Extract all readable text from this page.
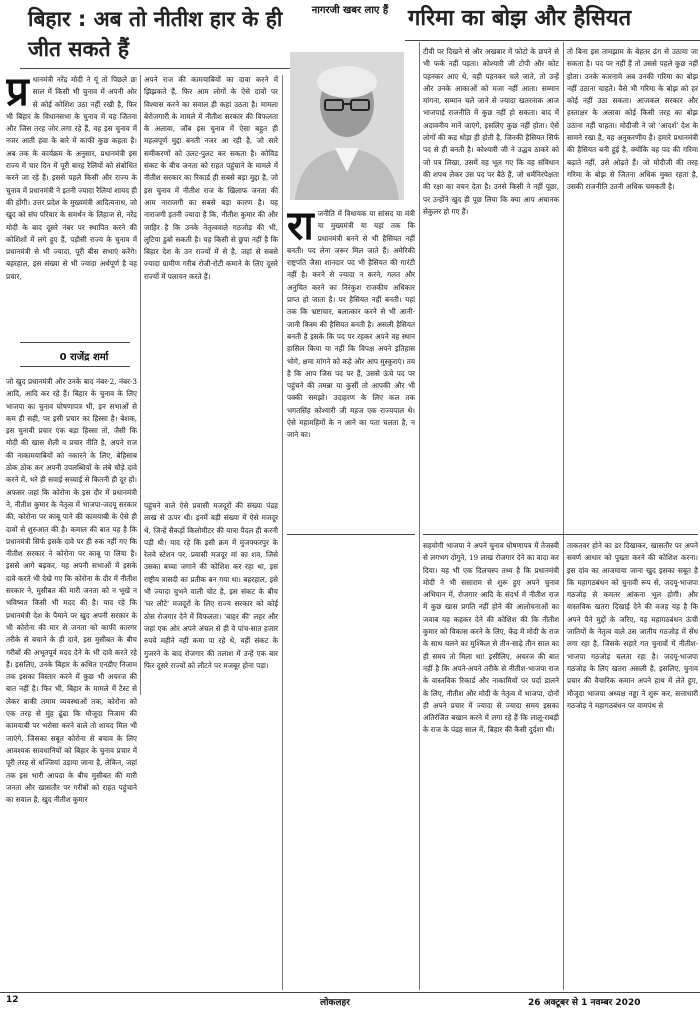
बिहार : अब तो नीतीश हार के ही जीत सकते हैं
नागरजी खबर लाए हैं गरिमा का बोझ और हैसियत
प्र धानमंत्री नरेंद्र मोदी ने यूं तो पिछले छः साल में किसी भी चुनाव में अपनी ओर से कोई कोशिश उठा नहीं रखी है, फिर भी बिहार के विधानसभा के चुनाव में यह जितना और जिस तरह जोर लगा रहे हैं, वह इस चुनाव में नजर आती हवा के बारे में काफी कुछ कहता है। अब तक के कार्यक्रम के अनुसार, प्रधानमंत्री इस राज्य में चार दिन में पूरी बारह रैलियों को संबोधित करने जा रहे हैं। इससे पहले किसी और राज्य के चुनाव में प्रधानमंत्री ने इतनी ज्यादा रैलियां शायद ही की होंगी। उत्तर प्रदेश के मुख्यमंत्री आदित्यनाथ, जो खुद को संघ परिवार के समर्थन के लिहाज से, नरेंद्र मोदी के बाद दूसरे नंबर पर स्थापित करने की कोशिशों में लगे हुए हैं, पड़ौसी राज्य के चुनाव में प्रधानमंत्री से भी ज्यादा, पूरी बीस सभाएं करेंगे। बहरहाल, इस संख्या से भी ज्यादा अर्थपूर्ण है वह प्रचार,
0 राजेंद्र शर्मा
जो खुद प्रधानमंत्री और उनके बाद नंबर-2, नंबर-3 आदि, आदि कर रहे हैं। बिहार के चुनाव के लिए भाजपा का चुनाव घोषणापत्र भी, इन सभाओं से कम ही सही, पर इसी प्रचार का हिस्सा है। बेशक, इस चुनावी प्रचार एक बड़ा हिस्सा तो, जैसी कि मोदी की खास शैली व प्रचार नीति है, अपने राज की नाकामयाबियों को नकारने के लिए, बेहिसाब ठोक ठोक कर अपनी उपलब्धियों के लंबे चौड़े दावे करने में, भरे ही सवाई सच्चाई से कितनी ही दूर हों। अफसर जहां कि कोरोना के इस दौर में प्रधानमंत्री ने, नीतीश कुमार के नेतृत्व में भाजपा-जदयू सरकार की, कोरोना पर काबू पाने की कामयाबी के ऐसे ही दावों से शुरुआत की है। कमाल की बात यह है कि प्रधानमंत्री सिर्फ इसके दावे पर ही रुक नहीं गए कि नीतीश सरकार ने कोरोना पर काबू पा लिया है। इससे आगे बढ़कर, यह अपनी सभाओं में इसके दावे करते भी देखे गए कि कोरोना के दौर में नीतीश सरकार ने, मुसीबत की मारी जनता को न भूखे न भविष्यत किसी भी मदद की है। याद रहे कि प्रधानमंत्री देश के पैमाने पर खुद अपनी सरकार के भी कोरोना की मार से जनता को काफी कारगर तरीके से बचाने के ही दावे, इस मुसीबत के बीच गरीबों की अभूतपूर्व मदद देने के भी दावे करते रहे हैं। इसलिए, उनके बिहार के कथित एनडीए निजाम तक इसका विस्तार करने में कुछ भी अचरज की बात नहीं है। फिर भी, बिहार के मामले में टैस्ट से लेकर बाकी तमाम व्यवस्थाओं तक, कोरोना को एक तरह से मुंह ढूंढा कि मौजूदा निजाम की कामयाबी पर भरोसा करने वाले तो शायद मिल भी जाएंगे, जिसका सबूत कोरोना से बचाव के लिए आवश्यक सावधानियों को बिहार के चुनाव प्रचार में पूरी तरह से धज्जियां उड़ाया जाना है, लेकिन, जहां तक इस भारी आपदा के बीच मुसीबत की मारी जनता और खासतौर पर गरीबों को राहत पहुंचाने का सवाल है, खुद नीतीश कुमार
अपने राज की कामयाबियों का दावा करने में झिझकते हैं, फिर आम लोगों के ऐसे दावों पर विश्वास करने का सवाल ही कहां उठता है। मामला बेरोजगारी के मामले में नीतीश सरकार की विफलता के अलावा, जॉब इस चुनाव में ऐसा बहुत ही महत्वपूर्ण मुद्दा बनती नजर आ रही है, जो सारे समीकरणों को उलट-पुलट कर सकता है। कोविड संकट के बीच जनता को राहत पहुंचाने के मामले में नीतीश सरकार का रिकार्ड ही सबसे बड़ा मुद्दा है, जो इस चुनाव में नीतीश राज के खिलाफ जनता की आम नाराजगी का सबसे बड़ा कारण है। यह नाराजगी इतनी ज्यादा है कि, नीतीश कुमार की और जाहिर है कि उनके नेतृत्ववाले गठजोड़ की भी, लुटिया डुबो सकती है। यह किसी से छुपा नहीं है कि बिहार देश के उन राज्यों में से है, जहां से सबसे ज्यादा ग्रामीण गरीब रोजी-रोटी कमाने के लिए दूसरे राज्यों में पलायन करते हैं।
पहुंचने वाले ऐसे प्रवासी मजदूरों की संख्या पंद्रह लाख से ऊपर थी। इनमें बड़ी संख्या में ऐसे मजदूर थे, जिन्हें सैकड़ों किलोमीटर की यात्रा पैदल ही करनी पड़ी थी। याद रहे कि इसी क्रम में मुजफ्फरपुर के रेलवे स्टेशन पर, प्रवासी मजदूर मां का शव, जिसे उसका बच्चा जगाने की कोशिश कर रहा था, इस राष्ट्रीय त्रासदी का प्रतीक बन गया था। बहरहाल, इसे भी ज्यादा चुभने वाली चोट है, इस संकट के बीच 'घर लौटे' मजदूरों के लिए राज्य सरकार को कोई ठोस रोजगार देने में विफलता। 'बाहर की' लहर और जहां एक ओर अपने अंचल से ही वे पांच-सात हजार रुपये महीने नहीं कमा पा रहे थे, वहीं संकट के गुजरने के बाद रोजगार की तलाश में उन्हें एक बार फिर दूसरे राज्यों को लौटने पर मजबूर होना पड़ा।
रा जनीति में विधायक या सांसद या मंत्री या मुख्यमंत्री या यहां तक कि प्रधानमंत्री बनने से भी हैसियत नहीं बनती। पद लेना जरूर मिल जाते हैं। अमेरिकी राष्ट्रपति जैसा शानदार पद भी हैसियत की गारंटी नहीं है। करने से ज्यादा न करने, गलत और अनुचित करने का निरंकुश राजकीय अधिकार प्राप्त हो जाता है। पर हैसियत नहीं बनती। यहां तक कि भ्रष्टाचार, बलात्कार करने से भी आनी-जानी किस्म की हैसियत बनती है। असली हैसियत बनती है इसके कि पद पर रहकर अपने वह स्थान हासिल किया या नहीं कि विपक्ष अपने इतिहास भोगे, क्षमा मांगने को कहे और आप मुस्कुराएं। तय है कि आप जिस पद पर हैं, उससे ऊंचे पद पर पहुंचने की तमन्ना या कुर्सी तो आपकी और भी पक्की समझो। उदाहरण के लिए कल तक भगतसिंह कोश्यारी जी महज एक राज्यपाल थे। ऐसे महामहिमों के न आने का पता चलता है, न जाने का।
टीवी पर दिखने से और अखबार में फोटो के छपने से भी फर्क नहीं पड़ता। कोश्यारी जी टोपी और कोट पहनकर आए थे, वही पहनकर चले जाते, तो उन्हें और उनके आकाओं को मजा नहीं आता। सम्मान मांगना, सम्मान चले जाने से ज्यादा खतरनाक आज भाजपाई राजनीति में कुछ नहीं हो सकता। बाद में अदावनीय मानें जाएंगे, इसलिए कुछ नहीं होता। ऐसे लोगों की कद्र थोड़ा ही होती है, जिनकी हैसियत सिर्फ पद से ही बनती है। कोश्यारी जी ने उद्धव ठाकरे को जो पत्र लिखा, उसमें वह भूल गए कि वह संविधान की शपथ लेकर उस पद पर बैठे हैं, जो धर्मनिरपेक्षता की रक्षा का वचन देता है। उनसे किसी ने नहीं पूछा, पर उन्होंने खुद ही पूछ लिया कि क्या आप अचानक सेकुलर हो गए हैं।
तो बिना इस तामझाम के बेहतर ढंग से उठाया जा सकता है। पद पर नहीं हैं तो उससे पहले कुछ नहीं होता। उनके कारनामे अब उनकी गरिमा का बोझ नहीं उठाना चाहते। वैसे भी गरिमा के बोझ को हर कोई नहीं उठा सकता। आजकल सरकार और हस्ताक्षर के अलावा कोई किसी तरह का बोझ उठाना नहीं चाहता। मोदीजी ने जो 'आदर्श' देश के सामने रखा है, वह अनुकरणीय है। हमारे प्रधानमंत्री की हैसियत बनी हुई है, क्योंकि वह पद की गरिमा बढ़ाते नहीं, उसे ओढ़ते हैं। जो मोदीजी की तरह गरिमा के बोझ से जितना अधिक मुक्त रहता है, उसकी राजनीति उतनी अधिक चमकती है।
सहयोगी भाजपा ने अपने चुनाव घोषणापत्र में तेजस्वी से लगभग दोगुने, 19 लाख रोजगार देने का वादा कर दिया। यह भी एक दिलचस्प तथ्य है कि प्रधानमंत्री मोदी ने भी ससाराम से शुरू हुए अपने चुनाव अभियान में, रोजगार आदि के संदर्भ में नीतीश राज में कुछ खास प्रगति नहीं होने की आलोचनाओं का जवाब यह कहकर देने की कोशिश की कि नीतीश कुमार को विकास करने के लिए, केंद्र में मोदी के राज के साथ चलने का मुश्किल से तीन-साढ़े तीन साल का ही समय तो मिला था! इसीलिए, अचरज की बात नहीं है कि अपने-अपने तरीके से नीतीश-भाजपा राज के वास्तविक रिकार्ड और नाकामियों पर पर्दा डालने के लिए, नीतीश और मोदी के नेतृत्व में भाजपा, दोनों ही अपने प्रचार में ज्यादा से ज्यादा समय इसका अतिरंजित बखान करने में लगा रहे हैं कि लालू-राबड़ी के राज के पंद्रह साल में, बिहार की कैसी दुर्दशा थी।
ताकतवर होने का डर दिखाकर, खासतौर पर अपने सवर्ण आधार को पुख्ता करने की कोशिश करना। इस दांव का आजमाया जाना खुद इसका सबूत है कि महागठबंधन को चुनावी रूप से, जदयू-भाजपा गठजोड़ से कमतर आंकना भूल होगी। और वास्तविक खतरा दिखाई देने की वजह यह है कि अपने पैने मुद्दों के जरिए, यह महागठबंधन ऊंची जातियों के नेतृत्व वाले उस जातीय गठजोड़ में सेंध लगा रहा है, जिसके सहारे गत चुनावों में नीतीश-भाजपा गठजोड़ चलता रहा है। जदयू-भाजपा गठजोड़ के लिए खतरा असली है, इसलिए, चुनाव प्रचार की वैचारिक कमान अपने हाथ में लेते हुए, मौजूदा भाजपा अध्यक्ष नड्डा ने शुरू कर, सत्ताधारी गठजोड़ ने महागठबंधन पर वामपंथ से
12	लोकलहर	26 अक्टूबर से 1 नवम्बर 2020
